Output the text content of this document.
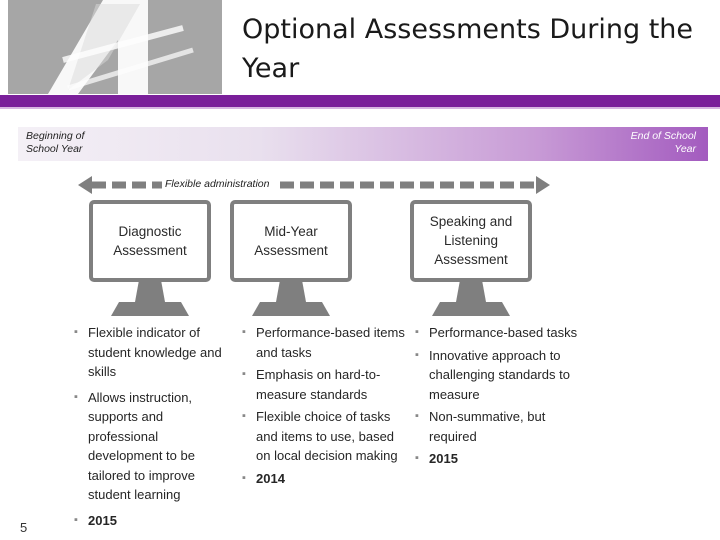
Optional Assessments During the Year
Beginning of School Year
End of School Year
Flexible administration
Diagnostic Assessment
Mid-Year Assessment
Speaking and Listening Assessment
▪ Flexible indicator of student knowledge and skills
▪ Allows instruction, supports and professional development to be tailored to improve student learning
▪ 2015
▪ Performance-based items and tasks
▪ Emphasis on hard-to-measure standards
▪ Flexible choice of tasks and items to use, based on local decision making
▪ 2014
▪ Performance-based tasks
▪ Innovative approach to challenging standards to measure
▪ Non-summative, but required
▪ 2015
5
